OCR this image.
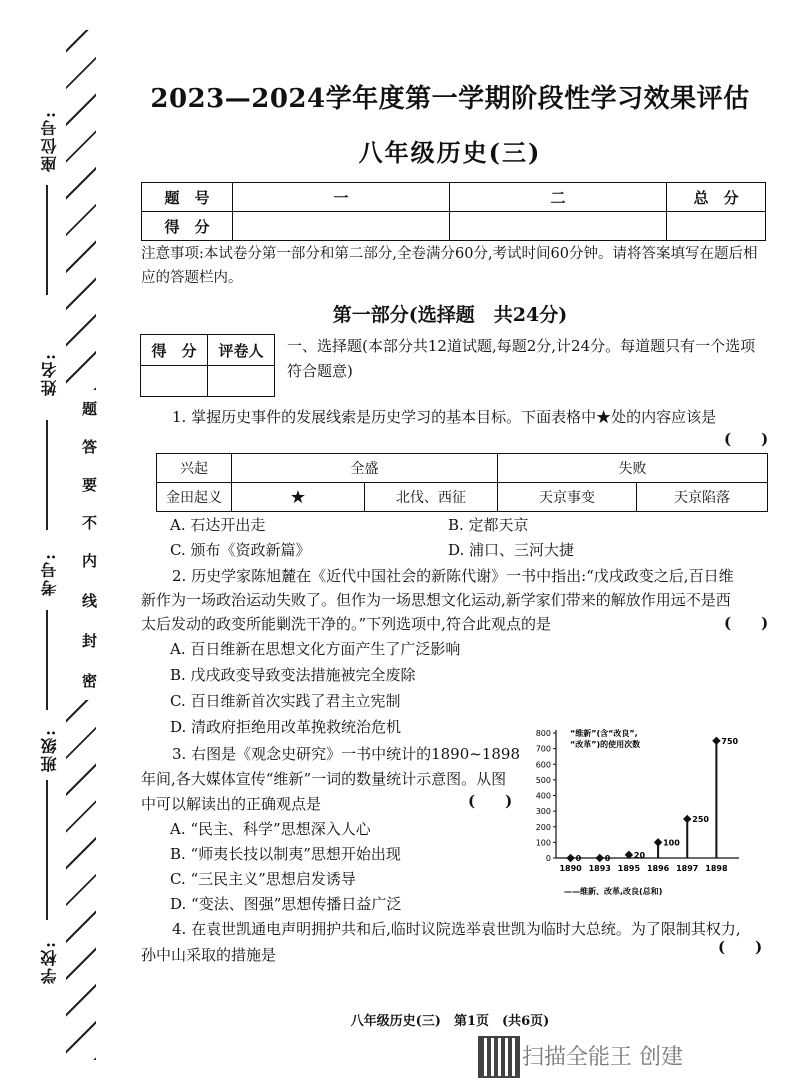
座位号:
姓名:
考号:
班级:
学校:
题
答
要
不
内
线
封
密
2023—2024学年度第一学期阶段性学习效果评估
八年级历史(三)
题　号	一	二	总　分
得　分			
注意事项:本试卷分第一部分和第二部分,全卷满分60分,考试时间60分钟。请将答案填写在题后相应的答题栏内。
第一部分(选择题　共24分)
得　分	评卷人
	一、选择题(本部分共12道试题,每题2分,计24分。每道题只有一个选项符合题意)
1. 掌握历史事件的发展线索是历史学习的基本目标。下面表格中★处的内容应该是
(　　)
兴起	全盛		失败	
金田起义	★	北伐、西征	天京事变	天京陷落
A. 石达开出走	B. 定都天京
C. 颁布《资政新篇》	D. 浦口、三河大捷
2. 历史学家陈旭麓在《近代中国社会的新陈代谢》一书中指出:“戊戌政变之后,百日维
新作为一场政治运动失败了。但作为一场思想文化运动,新学家们带来的解放作用远不是西
太后发动的政变所能剿洗干净的。”下列选项中,符合此观点的是	(　　)
A. 百日维新在思想文化方面产生了广泛影响
B. 戊戌政变导致变法措施被完全废除
C. 百日维新首次实践了君主立宪制
D. 清政府拒绝用改革挽救统治危机
3. 右图是《观念史研究》一书中统计的1890~1898
年间,各大媒体宣传“维新”一词的数量统计示意图。从图
中可以解读出的正确观点是	(　　)
A. “民主、科学”思想深入人心
B. “师夷长技以制夷”思想开始出现
C. “三民主义”思想启发诱导
D. “变法、图强”思想传播日益广泛
“维新”(含“改良”, “改革”)的使用次数
——维新、改革,改良(总和)
0
100
200
300
400
500
600
700
800
0
1890
0
1893
20
1895
100
1896
250
1897
750
1898
4. 在袁世凯通电声明拥护共和后,临时议院选举袁世凯为临时大总统。为了限制其权力,
孙中山采取的措施是	(　　)
八年级历史(三)　第1页　(共6页)
扫描全能王 创建
